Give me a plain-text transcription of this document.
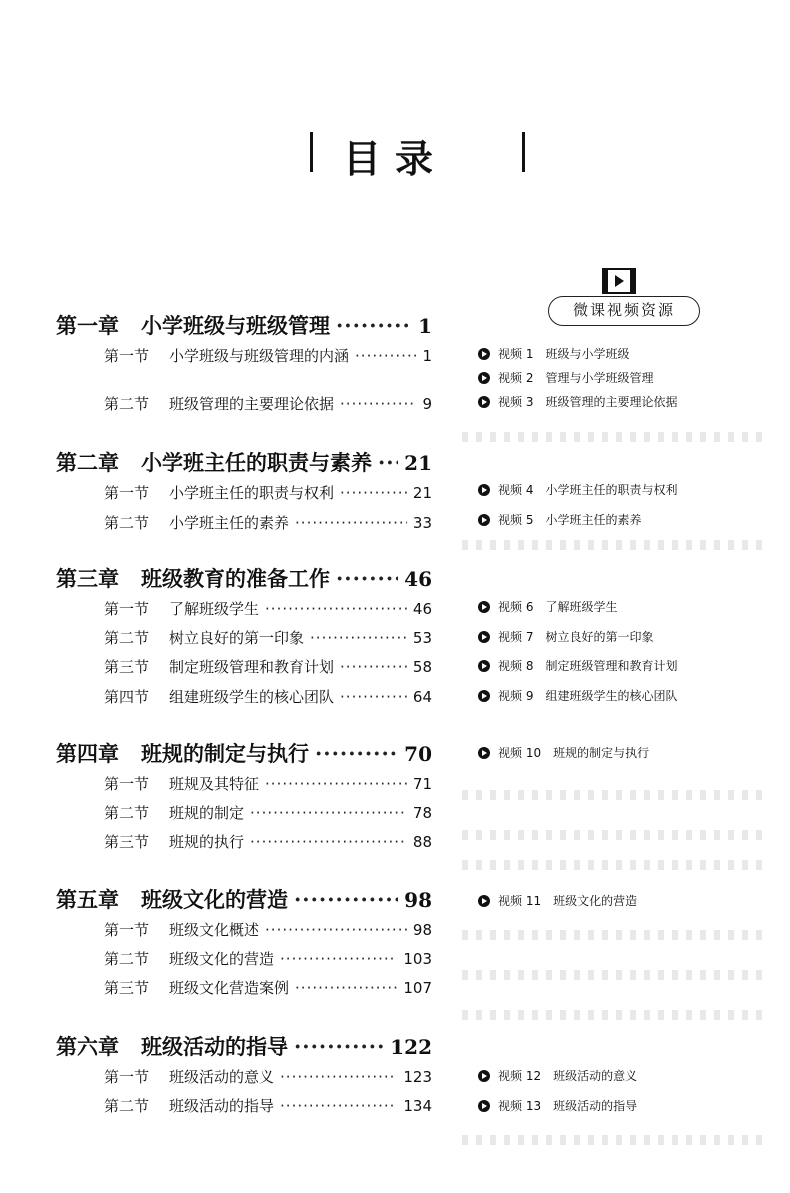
目录
第一章 小学班级与班级管理 ·····	1
第一节 小学班级与班级管理的内涵 ·····	1
第二节 班级管理的主要理论依据 ·····	9
第二章 小学班主任的职责与素养 ····· 21
第一节 小学班主任的职责与权利 ·····	21
第二节 小学班主任的素养 ·····	33
第三章 班级教育的准备工作 ·····	46
第一节 了解班级学生 ·····	46
第二节 树立良好的第一印象 ·····	53
第三节 制定班级管理和教育计划 ·····	58
第四节 组建班级学生的核心团队 ·····	64
第四章 班规的制定与执行 ·····	70
第一节 班规及其特征 ·····	71
第二节 班规的制定 ·····	78
第三节 班规的执行 ·····	88
第五章 班级文化的营造 ·····	98
第一节 班级文化概述 ·····	98
第二节 班级文化的营造 ·····	103
第三节 班级文化营造案例 ·····	107
第六章 班级活动的指导 ·····	122
第一节 班级活动的意义 ·····	123
第二节 班级活动的指导 ·····	134
微课视频资源
视频 1 班级与小学班级
视频 2 管理与小学班级管理
视频 3 班级管理的主要理论依据
视频 4 小学班主任的职责与权利
视频 5 小学班主任的素养
视频 6 了解班级学生
视频 7 树立良好的第一印象
视频 8 制定班级管理和教育计划
视频 9 组建班级学生的核心团队
视频 10 班规的制定与执行
视频 11 班级文化的营造
视频 12 班级活动的意义
视频 13 班级活动的指导
